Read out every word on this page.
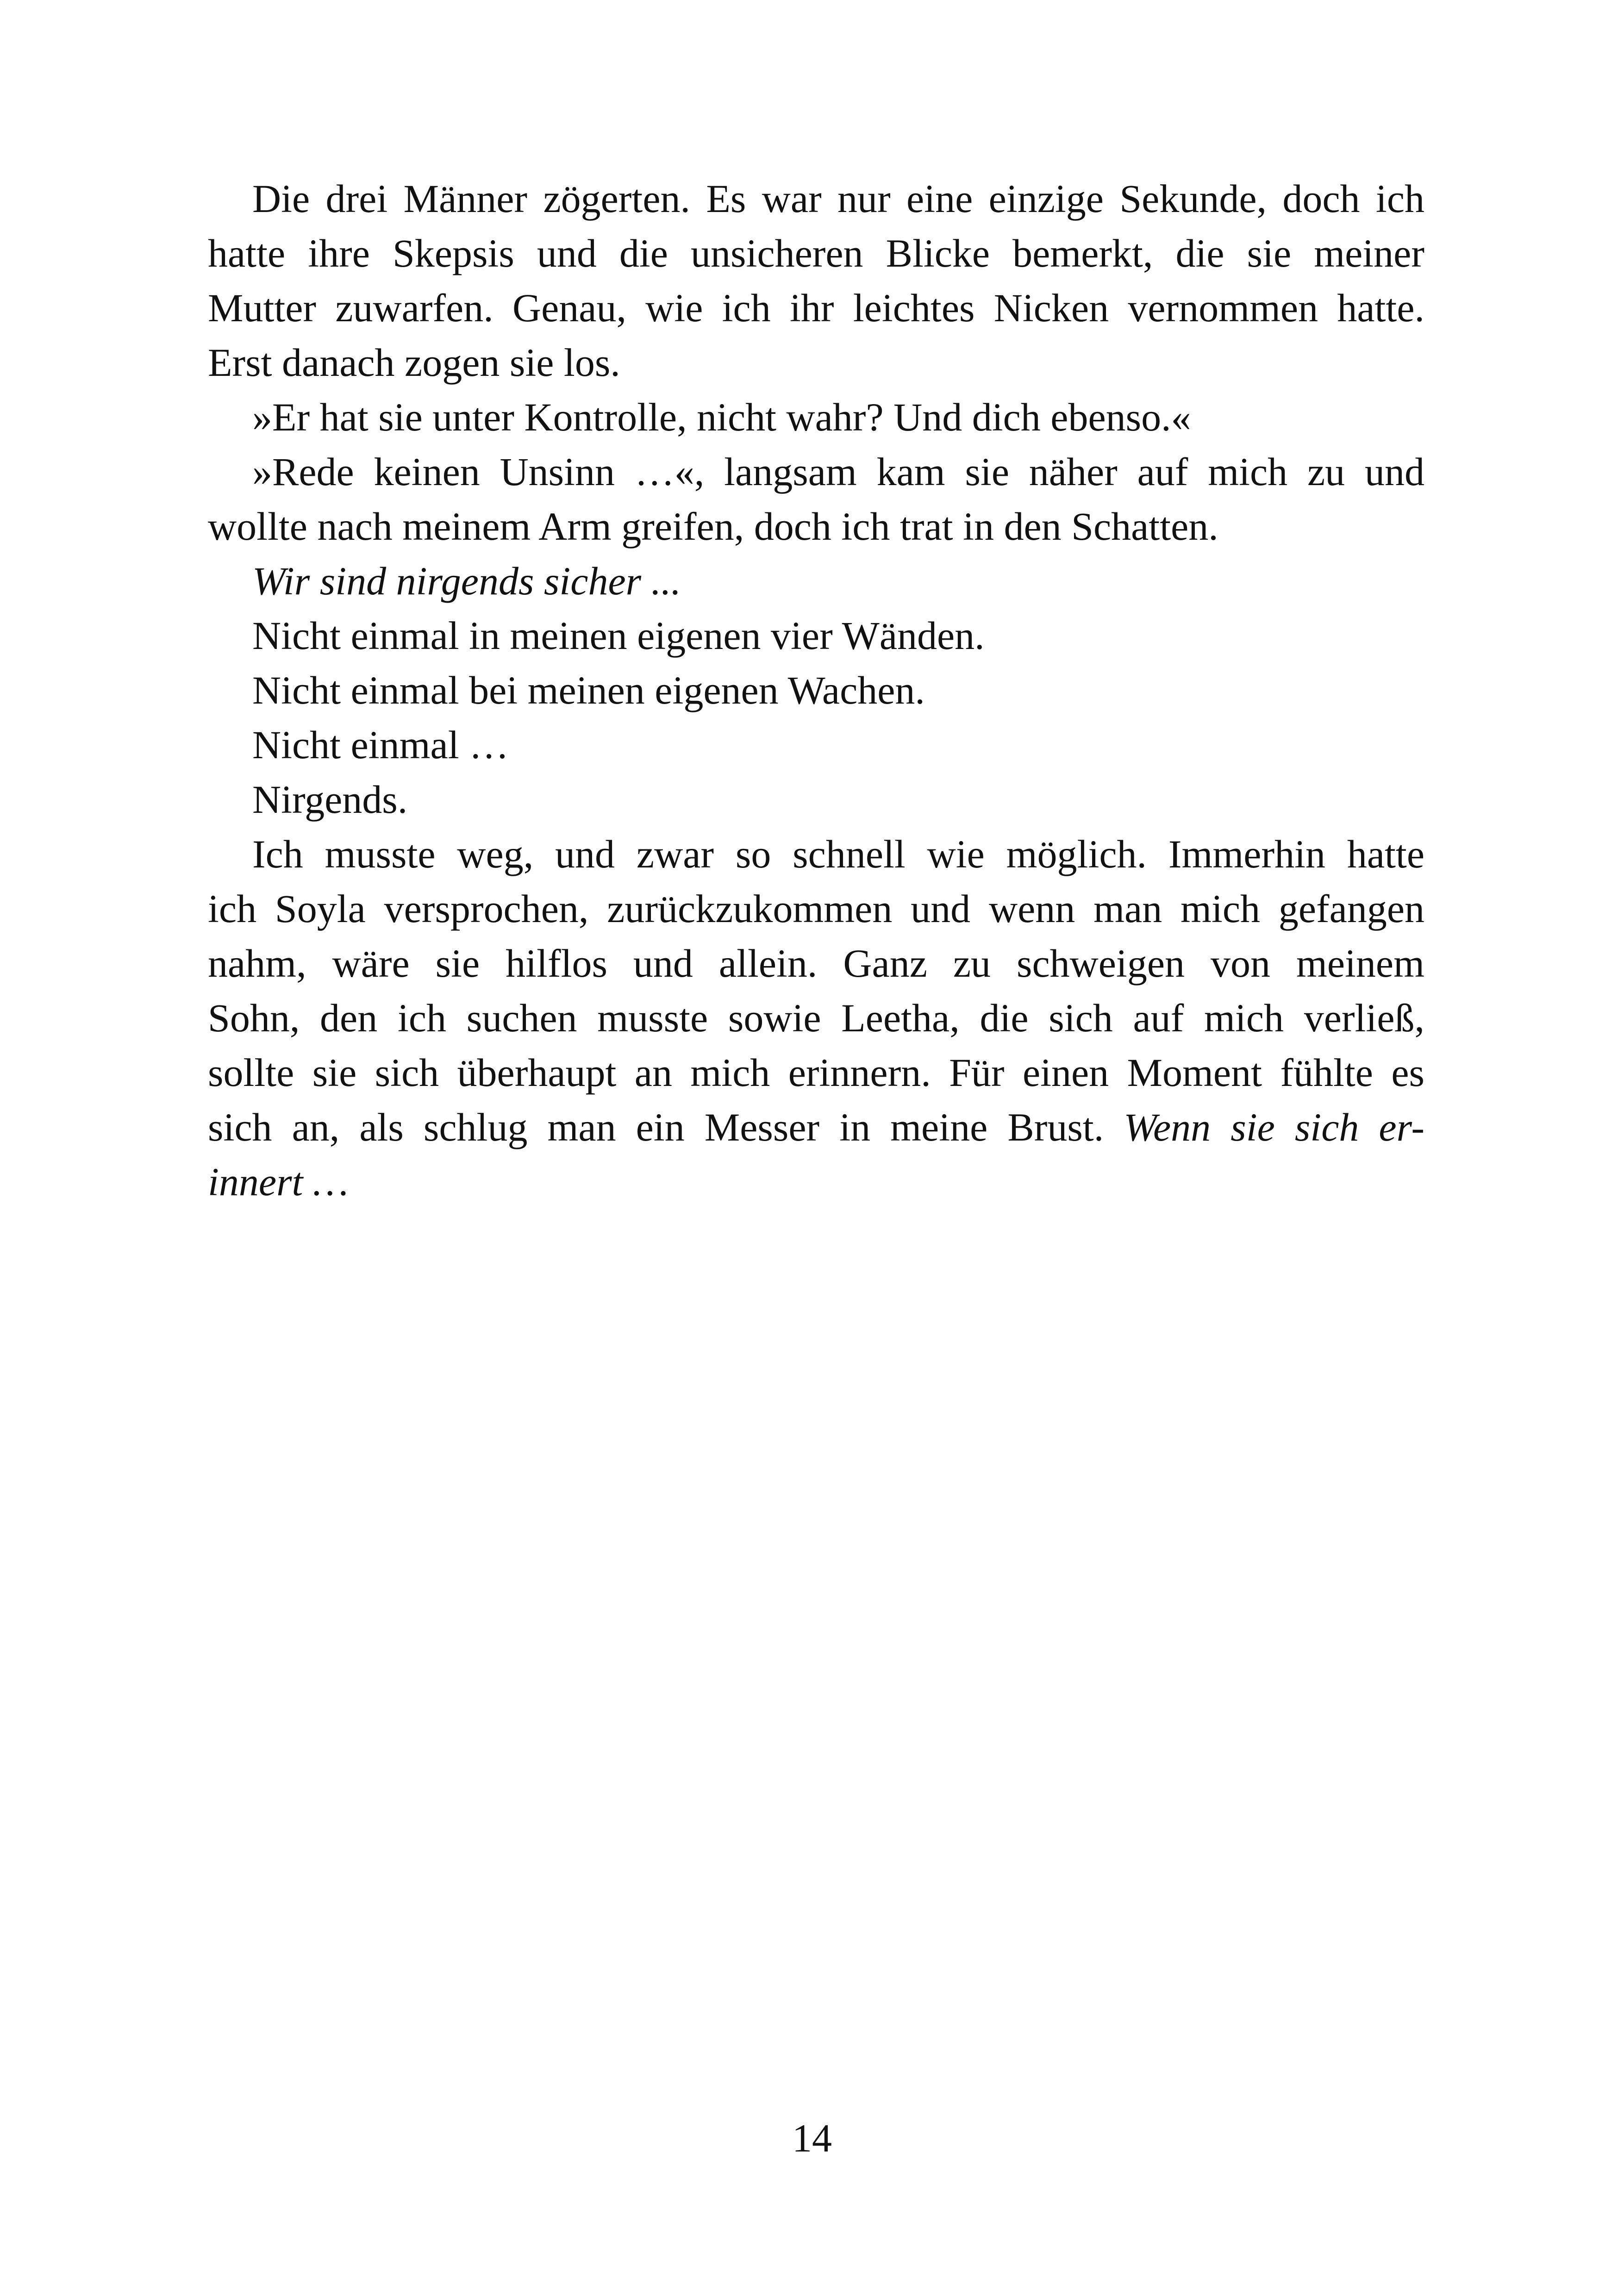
Die drei Männer zögerten. Es war nur eine einzige Sekunde, doch ich
hatte ihre Skepsis und die unsicheren Blicke bemerkt, die sie meiner
Mutter zuwarfen. Genau, wie ich ihr leichtes Nicken vernommen hatte.
Erst danach zogen sie los.
»Er hat sie unter Kontrolle, nicht wahr? Und dich ebenso.«
»Rede keinen Unsinn …«, langsam kam sie näher auf mich zu und
wollte nach meinem Arm greifen, doch ich trat in den Schatten.
Wir sind nirgends sicher ...
Nicht einmal in meinen eigenen vier Wänden.
Nicht einmal bei meinen eigenen Wachen.
Nicht einmal …
Nirgends.
Ich musste weg, und zwar so schnell wie möglich. Immerhin hatte
ich Soyla versprochen, zurückzukommen und wenn man mich gefangen
nahm, wäre sie hilflos und allein. Ganz zu schweigen von meinem
Sohn, den ich suchen musste sowie Leetha, die sich auf mich verließ,
sollte sie sich überhaupt an mich erinnern. Für einen Moment fühlte es
sich an, als schlug man ein Messer in meine Brust. Wenn sie sich er-
innert …
14
